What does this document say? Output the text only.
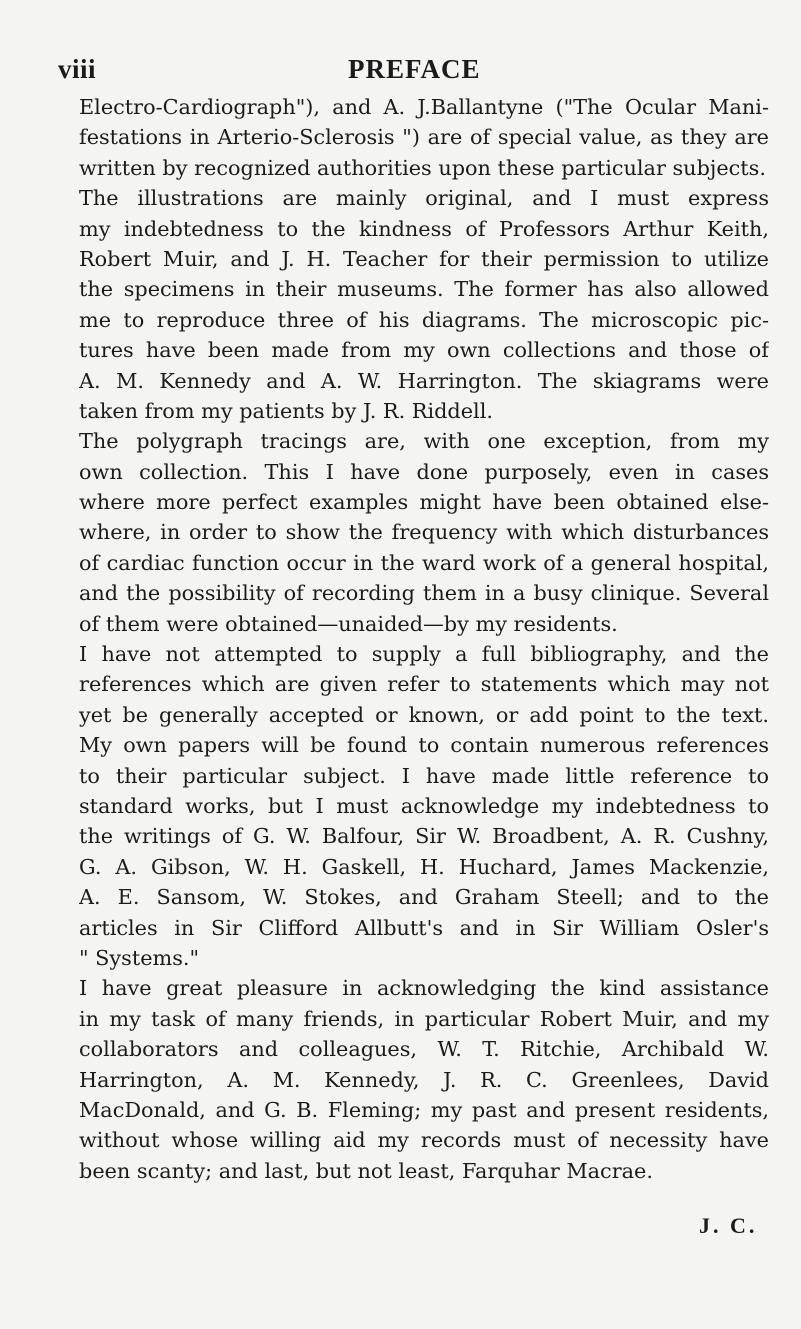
viii	PREFACE
Electro-Cardiograph"), and A. J.Ballantyne ("The Ocular Mani-
festations in Arterio-Sclerosis ") are of special value, as they are
written by recognized authorities upon these particular subjects.
The illustrations are mainly original, and I must express
my indebtedness to the kindness of Professors Arthur Keith,
Robert Muir, and J. H. Teacher for their permission to utilize
the specimens in their museums. The former has also allowed
me to reproduce three of his diagrams. The microscopic pic-
tures have been made from my own collections and those of
A. M. Kennedy and A. W. Harrington. The skiagrams were
taken from my patients by J. R. Riddell.
The polygraph tracings are, with one exception, from my
own collection. This I have done purposely, even in cases
where more perfect examples might have been obtained else-
where, in order to show the frequency with which disturbances
of cardiac function occur in the ward work of a general hospital,
and the possibility of recording them in a busy clinique. Several
of them were obtained—unaided—by my residents.
I have not attempted to supply a full bibliography, and the
references which are given refer to statements which may not
yet be generally accepted or known, or add point to the text.
My own papers will be found to contain numerous references
to their particular subject. I have made little reference to
standard works, but I must acknowledge my indebtedness to
the writings of G. W. Balfour, Sir W. Broadbent, A. R. Cushny,
G. A. Gibson, W. H. Gaskell, H. Huchard, James Mackenzie,
A. E. Sansom, W. Stokes, and Graham Steell; and to the
articles in Sir Clifford Allbutt's and in Sir William Osler's
" Systems."
I have great pleasure in acknowledging the kind assistance
in my task of many friends, in particular Robert Muir, and my
collaborators and colleagues, W. T. Ritchie, Archibald W.
Harrington, A. M. Kennedy, J. R. C. Greenlees, David
MacDonald, and G. B. Fleming; my past and present residents,
without whose willing aid my records must of necessity have
been scanty; and last, but not least, Farquhar Macrae.
J. C.
